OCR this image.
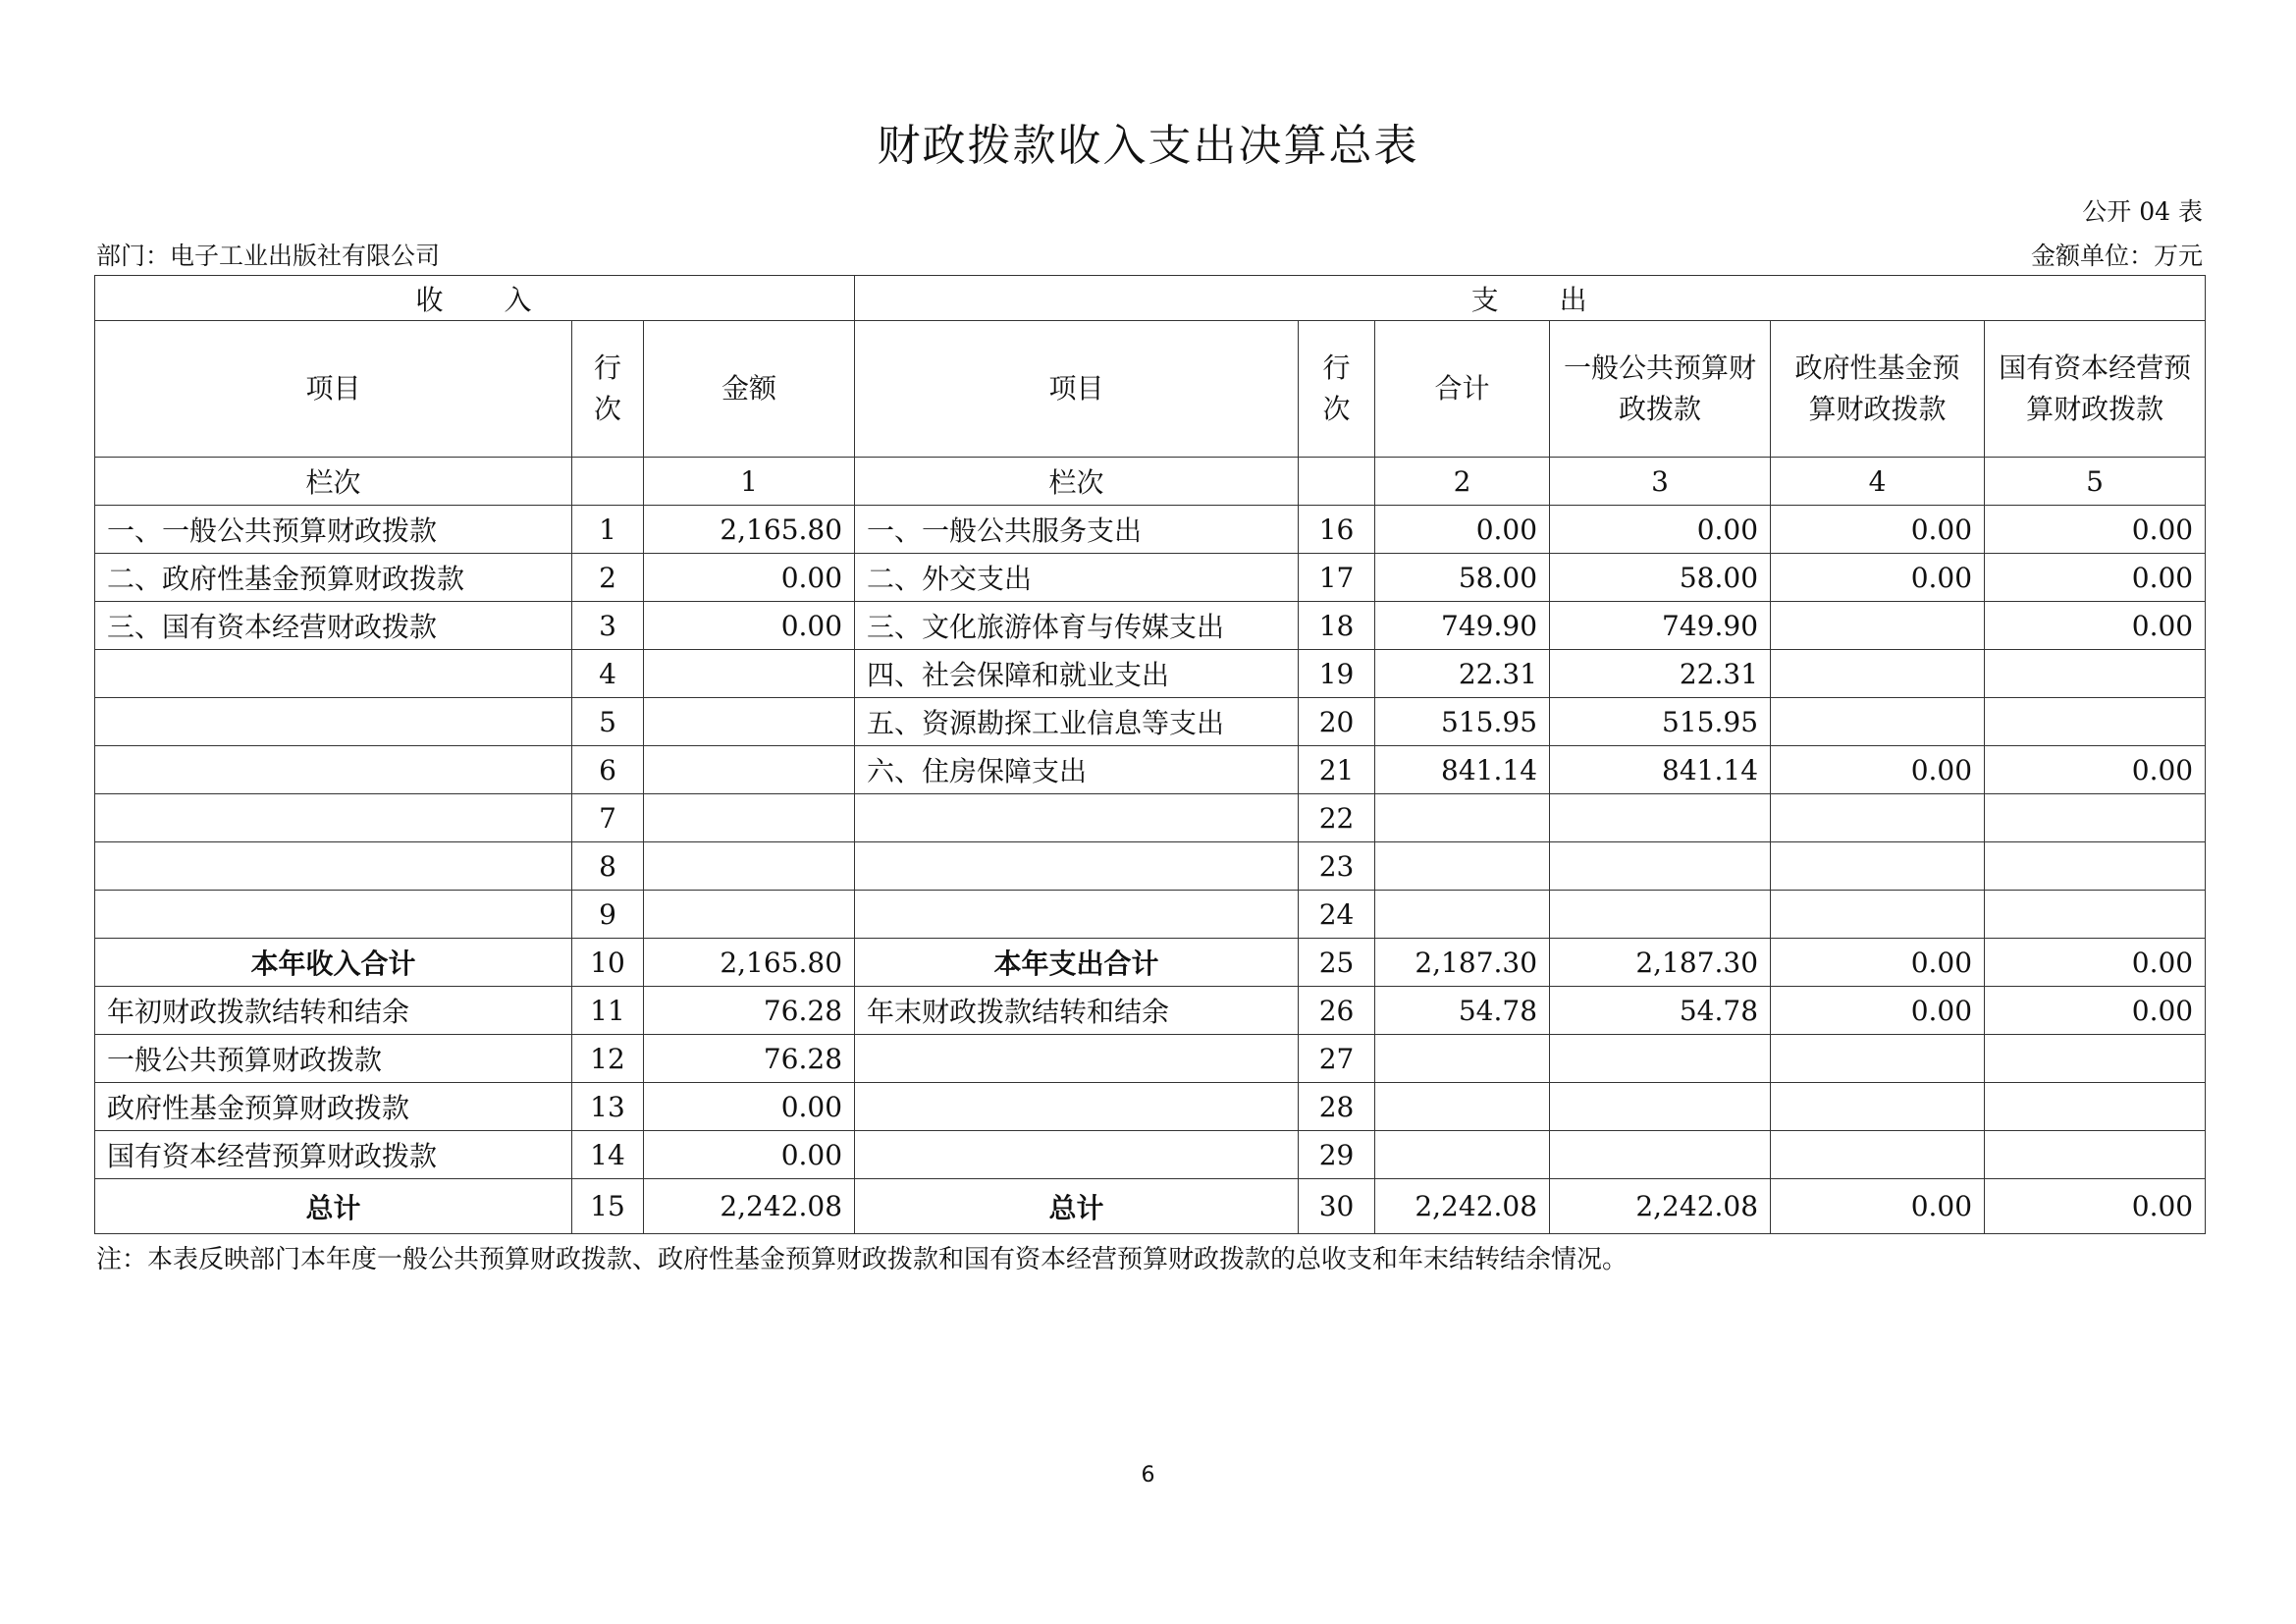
财政拨款收入支出决算总表
公开 04 表
部门：电子工业出版社有限公司	金额单位：万元
收　　入			支　　出					
项目	行次	金额	项目	行次	合计	一般公共预算财政拨款	政府性基金预算财政拨款	国有资本经营预算财政拨款
栏次		1	栏次		2	3	4	5
一、一般公共预算财政拨款	1	2,165.80	一、一般公共服务支出	16	0.00	0.00	0.00	0.00
二、政府性基金预算财政拨款	2	0.00	二、外交支出	17	58.00	58.00	0.00	0.00
三、国有资本经营财政拨款	3	0.00	三、文化旅游体育与传媒支出	18	749.90	749.90		0.00
	4		四、社会保障和就业支出	19	22.31	22.31		
	5		五、资源勘探工业信息等支出	20	515.95	515.95		
	6		六、住房保障支出	21	841.14	841.14	0.00	0.00
	7			22				
	8			23				
	9			24				
本年收入合计	10	2,165.80	本年支出合计	25	2,187.30	2,187.30	0.00	0.00
年初财政拨款结转和结余	11	76.28	年末财政拨款结转和结余	26	54.78	54.78	0.00	0.00
一般公共预算财政拨款	12	76.28		27				
政府性基金预算财政拨款	13	0.00		28				
国有资本经营预算财政拨款	14	0.00		29				
总计	15	2,242.08	总计	30	2,242.08	2,242.08	0.00	0.00
注：本表反映部门本年度一般公共预算财政拨款、政府性基金预算财政拨款和国有资本经营预算财政拨款的总收支和年末结转结余情况。
6
